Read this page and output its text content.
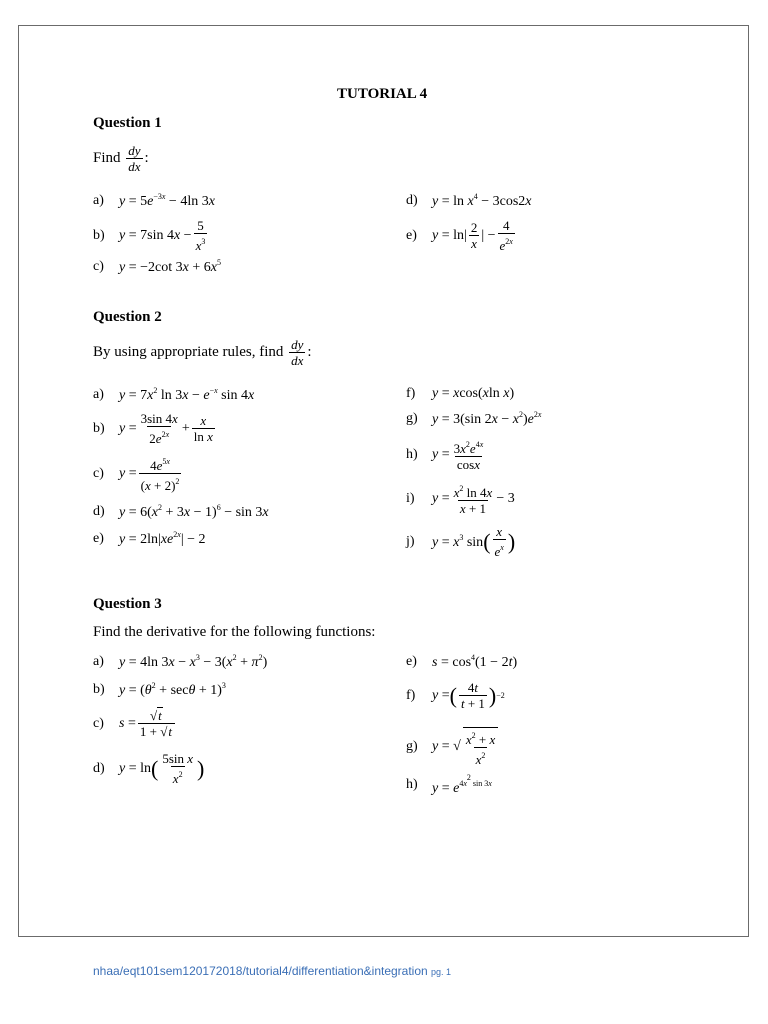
TUTORIAL 4
Question 1
Find
$\frac{dy}{dx}$ :
a)	$y = 5e^{-3x} - 4\ln$ 3x
b)	y = 7sin $4x - \frac{5}{x^3}$
c)	y = −2cot $3x + 6x^5$
d)	$y = \ln x^4 - 3\cos 2x$
e)	$y = \ln| \frac{2}{x}$ | − $\frac{4}{e^{2x}}$
Question 2
By using appropriate rules, find
$\frac{dy}{dx}$ :
a)	$y = 7x^2$ $\ln 3x - e^{-x}$ sin 4x
b)	$y = \frac{3\sin 4x}{2e^{2x}} + \frac{x}{\text{ln x}}$
c)	$y = \frac{4e^{5x}}{(x + 2)^2}$
d)	$y = 6(x^2 + 3x - 1)^6 - \sin 3x$
e)	$y = 2\ln|xe^{2x}| - 2$
f)	y = xcos(xln x)
g)	y = 3(sin $2x - x^2)e^{2x}$
h)	$y = \frac{3x^2e^{4x}}{\cos x}$
i)	$y = \frac{x^2 \ln 4x}{x + 1} - 3$
j)	$y = x^3$ sin ( $\frac{x}{e^x}$ )
Question 3
Find the derivative for the following functions:
a)	y = 4ln $3x - x^3 - 3(x^2 + \pi^2)$
b)	$y = (\theta^2 + \sec\theta + 1)^3$
c)	$s = \frac{√t}{1 + √t}$
d)	y = ln ( $\frac{\text{5sin x}}{x^2}$ )
e)	$s = \cos^4(1 - 2t)$
f)	y = ( $\frac{4t}{t + 1}$ ) −2
g)	y = √ $\frac{x^2 + x}{x^2}$
h)	$y = e^{4x^2 sin 3x}$
nhaa/eqt101sem120172018/tutorial4/differentiation&integration pg. 1
